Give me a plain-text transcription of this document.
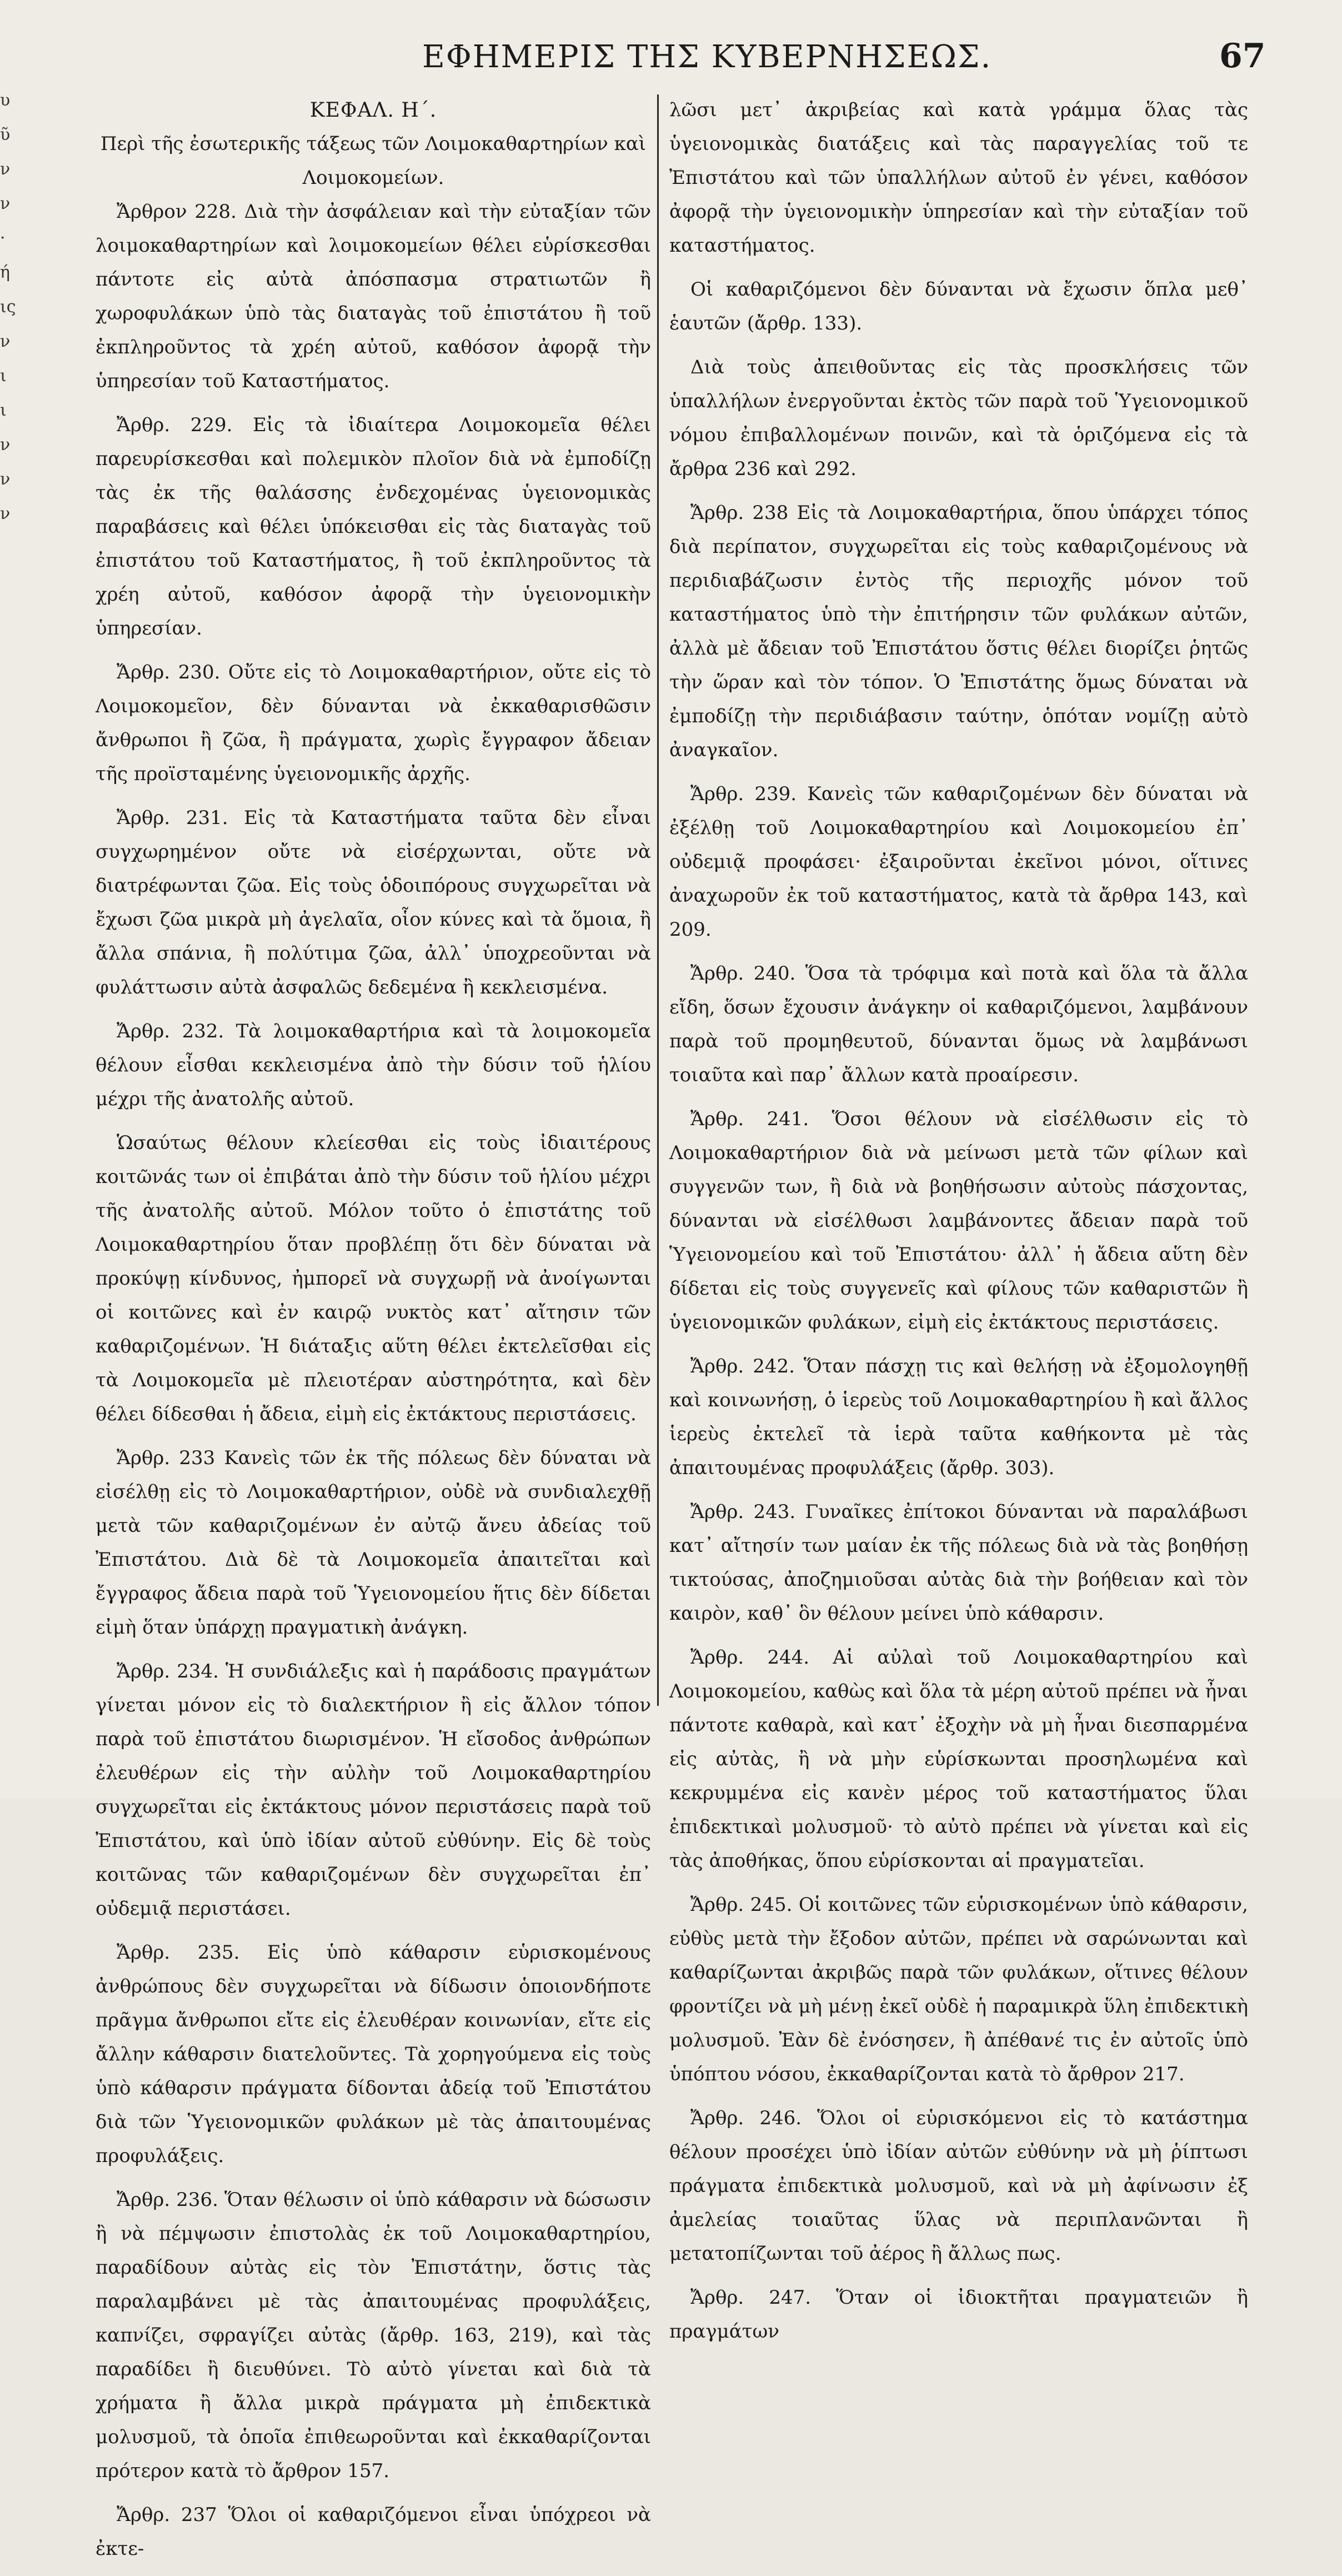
υ
ῦ
ν
ν
·
ή
ις
ν
ι
ι
ν
ν
ν
ΕΦΗΜΕΡΙΣ ΤΗΣ ΚΥΒΕΡΝΗΣΕΩΣ.	67

ΚΕΦΑΛ. Η΄.

Περὶ τῆς ἐσωτερικῆς τάξεως τῶν Λοιμοκαθαρτηρίων καὶ Λοιμοκομείων.

Ἄρθρον 228. Διὰ τὴν ἀσφάλειαν καὶ τὴν εὐταξίαν τῶν λοιμοκαθαρτηρίων καὶ λοιμοκομείων θέλει εὑρίσκεσθαι πάντοτε εἰς αὐτὰ ἀπόσπασμα στρατιωτῶν ἢ χωροφυλάκων ὑπὸ τὰς διαταγὰς τοῦ ἐπιστάτου ἢ τοῦ ἐκπληροῦντος τὰ χρέη αὐτοῦ, καθόσον ἀφορᾷ τὴν ὑπηρεσίαν τοῦ Καταστήματος.

Ἄρθρ. 229. Εἰς τὰ ἰδιαίτερα Λοιμοκομεῖα θέλει παρευρίσκεσθαι καὶ πολεμικὸν πλοῖον διὰ νὰ ἐμποδίζῃ τὰς ἐκ τῆς θαλάσσης ἐνδεχομένας ὑγειονομικὰς παραβάσεις καὶ θέλει ὑπόκεισθαι εἰς τὰς διαταγὰς τοῦ ἐπιστάτου τοῦ Καταστήματος, ἢ τοῦ ἐκπληροῦντος τὰ χρέη αὐτοῦ, καθόσον ἀφορᾷ τὴν ὑγειονομικὴν ὑπηρεσίαν.

Ἄρθρ. 230. Οὔτε εἰς τὸ Λοιμοκαθαρτήριον, οὔτε εἰς τὸ Λοιμοκομεῖον, δὲν δύνανται νὰ ἐκκαθαρισθῶσιν ἄνθρωποι ἢ ζῶα, ἢ πράγματα, χωρὶς ἔγγραφον ἄδειαν τῆς προϊσταμένης ὑγειονομικῆς ἀρχῆς.

Ἄρθρ. 231. Εἰς τὰ Καταστήματα ταῦτα δὲν εἶναι συγχωρημένον οὔτε νὰ εἰσέρχωνται, οὔτε νὰ διατρέφωνται ζῶα. Εἰς τοὺς ὁδοιπόρους συγχωρεῖται νὰ ἔχωσι ζῶα μικρὰ μὴ ἀγελαῖα, οἷον κύνες καὶ τὰ ὅμοια, ἢ ἄλλα σπάνια, ἢ πολύτιμα ζῶα, ἀλλ᾽ ὑποχρεοῦνται νὰ φυλάττωσιν αὐτὰ ἀσφαλῶς δεδεμένα ἢ κεκλεισμένα.

Ἄρθρ. 232. Τὰ λοιμοκαθαρτήρια καὶ τὰ λοιμοκομεῖα θέλουν εἶσθαι κεκλεισμένα ἀπὸ τὴν δύσιν τοῦ ἡλίου μέχρι τῆς ἀνατολῆς αὐτοῦ.

Ὡσαύτως θέλουν κλείεσθαι εἰς τοὺς ἰδιαιτέρους κοιτῶνάς των οἱ ἐπιβάται ἀπὸ τὴν δύσιν τοῦ ἡλίου μέχρι τῆς ἀνατολῆς αὐτοῦ. Μόλον τοῦτο ὁ ἐπιστάτης τοῦ Λοιμοκαθαρτηρίου ὅταν προβλέπῃ ὅτι δὲν δύναται νὰ προκύψῃ κίνδυνος, ἠμπορεῖ νὰ συγχωρῇ νὰ ἀνοίγωνται οἱ κοιτῶνες καὶ ἐν καιρῷ νυκτὸς κατ᾽ αἴτησιν τῶν καθαριζομένων. Ἡ διάταξις αὕτη θέλει ἐκτελεῖσθαι εἰς τὰ Λοιμοκομεῖα μὲ πλειοτέραν αὐστηρότητα, καὶ δὲν θέλει δίδεσθαι ἡ ἄδεια, εἰμὴ εἰς ἐκτάκτους περιστάσεις.

Ἄρθρ. 233 Κανεὶς τῶν ἐκ τῆς πόλεως δὲν δύναται νὰ εἰσέλθῃ εἰς τὸ Λοιμοκαθαρτήριον, οὐδὲ νὰ συνδιαλεχθῇ μετὰ τῶν καθαριζομένων ἐν αὐτῷ ἄνευ ἀδείας τοῦ Ἐπιστάτου. Διὰ δὲ τὰ Λοιμοκομεῖα ἀπαιτεῖται καὶ ἔγγραφος ἄδεια παρὰ τοῦ Ὑγειονομείου ἥτις δὲν δίδεται εἰμὴ ὅταν ὑπάρχῃ πραγματικὴ ἀνάγκη.

Ἄρθρ. 234. Ἡ συνδιάλεξις καὶ ἡ παράδοσις πραγμάτων γίνεται μόνον εἰς τὸ διαλεκτήριον ἢ εἰς ἄλλον τόπον παρὰ τοῦ ἐπιστάτου διωρισμένον. Ἡ εἴσοδος ἀνθρώπων ἐλευθέρων εἰς τὴν αὐλὴν τοῦ Λοιμοκαθαρτηρίου συγχωρεῖται εἰς ἐκτάκτους μόνον περιστάσεις παρὰ τοῦ Ἐπιστάτου, καὶ ὑπὸ ἰδίαν αὐτοῦ εὐθύνην. Εἰς δὲ τοὺς κοιτῶνας τῶν καθαριζομένων δὲν συγχωρεῖται ἐπ᾽ οὐδεμιᾷ περιστάσει.

Ἄρθρ. 235. Εἰς ὑπὸ κάθαρσιν εὑρισκομένους ἀνθρώπους δὲν συγχωρεῖται νὰ δίδωσιν ὁποιονδήποτε πρᾶγμα ἄνθρωποι εἴτε εἰς ἐλευθέραν κοινωνίαν, εἴτε εἰς ἄλλην κάθαρσιν διατελοῦντες. Τὰ χορηγούμενα εἰς τοὺς ὑπὸ κάθαρσιν πράγματα δίδονται ἀδείᾳ τοῦ Ἐπιστάτου διὰ τῶν Ὑγειονομικῶν φυλάκων μὲ τὰς ἀπαιτουμένας προφυλάξεις.

Ἄρθρ. 236. Ὅταν θέλωσιν οἱ ὑπὸ κάθαρσιν νὰ δώσωσιν ἢ νὰ πέμψωσιν ἐπιστολὰς ἐκ τοῦ Λοιμοκαθαρτηρίου, παραδίδουν αὐτὰς εἰς τὸν Ἐπιστάτην, ὅστις τὰς παραλαμβάνει μὲ τὰς ἀπαιτουμένας προφυλάξεις, καπνίζει, σφραγίζει αὐτὰς (ἄρθρ. 163, 219), καὶ τὰς παραδίδει ἢ διευθύνει. Τὸ αὐτὸ γίνεται καὶ διὰ τὰ χρήματα ἢ ἄλλα μικρὰ πράγματα μὴ ἐπιδεκτικὰ μολυσμοῦ, τὰ ὁποῖα ἐπιθεωροῦνται καὶ ἐκκαθαρίζονται πρότερον κατὰ τὸ ἄρθρον 157.

Ἄρθρ. 237 Ὅλοι οἱ καθαριζόμενοι εἶναι ὑπόχρεοι νὰ ἐκτε-

λῶσι μετ᾽ ἀκριβείας καὶ κατὰ γράμμα ὅλας τὰς ὑγειονομικὰς διατάξεις καὶ τὰς παραγγελίας τοῦ τε Ἐπιστάτου καὶ τῶν ὑπαλλήλων αὐτοῦ ἐν γένει, καθόσον ἀφορᾷ τὴν ὑγειονομικὴν ὑπηρεσίαν καὶ τὴν εὐταξίαν τοῦ καταστήματος.

Οἱ καθαριζόμενοι δὲν δύνανται νὰ ἔχωσιν ὅπλα μεθ᾽ ἑαυτῶν (ἄρθρ. 133).

Διὰ τοὺς ἀπειθοῦντας εἰς τὰς προσκλήσεις τῶν ὑπαλλήλων ἐνεργοῦνται ἐκτὸς τῶν παρὰ τοῦ Ὑγειονομικοῦ νόμου ἐπιβαλλομένων ποινῶν, καὶ τὰ ὁριζόμενα εἰς τὰ ἄρθρα 236 καὶ 292.

Ἄρθρ. 238 Εἰς τὰ Λοιμοκαθαρτήρια, ὅπου ὑπάρχει τόπος διὰ περίπατον, συγχωρεῖται εἰς τοὺς καθαριζομένους νὰ περιδιαβάζωσιν ἐντὸς τῆς περιοχῆς μόνον τοῦ καταστήματος ὑπὸ τὴν ἐπιτήρησιν τῶν φυλάκων αὐτῶν, ἀλλὰ μὲ ἄδειαν τοῦ Ἐπιστάτου ὅστις θέλει διορίζει ῥητῶς τὴν ὥραν καὶ τὸν τόπον. Ὁ Ἐπιστάτης ὅμως δύναται νὰ ἐμποδίζῃ τὴν περιδιάβασιν ταύτην, ὁπόταν νομίζῃ αὐτὸ ἀναγκαῖον.

Ἄρθρ. 239. Κανεὶς τῶν καθαριζομένων δὲν δύναται νὰ ἐξέλθῃ τοῦ Λοιμοκαθαρτηρίου καὶ Λοιμοκομείου ἐπ᾽ οὐδεμιᾷ προφάσει· ἐξαιροῦνται ἐκεῖνοι μόνοι, οἵτινες ἀναχωροῦν ἐκ τοῦ καταστήματος, κατὰ τὰ ἄρθρα 143, καὶ 209.

Ἄρθρ. 240. Ὅσα τὰ τρόφιμα καὶ ποτὰ καὶ ὅλα τὰ ἄλλα εἴδη, ὅσων ἔχουσιν ἀνάγκην οἱ καθαριζόμενοι, λαμβάνουν παρὰ τοῦ προμηθευτοῦ, δύνανται ὅμως νὰ λαμβάνωσι τοιαῦτα καὶ παρ᾽ ἄλλων κατὰ προαίρεσιν.

Ἄρθρ. 241. Ὅσοι θέλουν νὰ εἰσέλθωσιν εἰς τὸ Λοιμοκαθαρτήριον διὰ νὰ μείνωσι μετὰ τῶν φίλων καὶ συγγενῶν των, ἢ διὰ νὰ βοηθήσωσιν αὐτοὺς πάσχοντας, δύνανται νὰ εἰσέλθωσι λαμβάνοντες ἄδειαν παρὰ τοῦ Ὑγειονομείου καὶ τοῦ Ἐπιστάτου· ἀλλ᾽ ἡ ἄδεια αὕτη δὲν δίδεται εἰς τοὺς συγγενεῖς καὶ φίλους τῶν καθαριστῶν ἢ ὑγειονομικῶν φυλάκων, εἰμὴ εἰς ἐκτάκτους περιστάσεις.

Ἄρθρ. 242. Ὅταν πάσχῃ τις καὶ θελήσῃ νὰ ἐξομολογηθῇ καὶ κοινωνήσῃ, ὁ ἱερεὺς τοῦ Λοιμοκαθαρτηρίου ἢ καὶ ἄλλος ἱερεὺς ἐκτελεῖ τὰ ἱερὰ ταῦτα καθήκοντα μὲ τὰς ἀπαιτουμένας προφυλάξεις (ἄρθρ. 303).

Ἄρθρ. 243. Γυναῖκες ἐπίτοκοι δύνανται νὰ παραλάβωσι κατ᾽ αἴτησίν των μαίαν ἐκ τῆς πόλεως διὰ νὰ τὰς βοηθήσῃ τικτούσας, ἀποζημιοῦσαι αὐτὰς διὰ τὴν βοήθειαν καὶ τὸν καιρὸν, καθ᾽ ὃν θέλουν μείνει ὑπὸ κάθαρσιν.

Ἄρθρ. 244. Αἱ αὐλαὶ τοῦ Λοιμοκαθαρτηρίου καὶ Λοιμοκομείου, καθὼς καὶ ὅλα τὰ μέρη αὐτοῦ πρέπει νὰ ἦναι πάντοτε καθαρὰ, καὶ κατ᾽ ἐξοχὴν νὰ μὴ ἦναι διεσπαρμένα εἰς αὐτὰς, ἢ νὰ μὴν εὑρίσκωνται προσηλωμένα καὶ κεκρυμμένα εἰς κανὲν μέρος τοῦ καταστήματος ὕλαι ἐπιδεκτικαὶ μολυσμοῦ· τὸ αὐτὸ πρέπει νὰ γίνεται καὶ εἰς τὰς ἀποθήκας, ὅπου εὑρίσκονται αἱ πραγματεῖαι.

Ἄρθρ. 245. Οἱ κοιτῶνες τῶν εὑρισκομένων ὑπὸ κάθαρσιν, εὐθὺς μετὰ τὴν ἔξοδον αὐτῶν, πρέπει νὰ σαρώνωνται καὶ καθαρίζωνται ἀκριβῶς παρὰ τῶν φυλάκων, οἵτινες θέλουν φροντίζει νὰ μὴ μένῃ ἐκεῖ οὐδὲ ἡ παραμικρὰ ὕλη ἐπιδεκτικὴ μολυσμοῦ. Ἐὰν δὲ ἐνόσησεν, ἢ ἀπέθανέ τις ἐν αὐτοῖς ὑπὸ ὑπόπτου νόσου, ἐκκαθαρίζονται κατὰ τὸ ἄρθρον 217.

Ἄρθρ. 246. Ὅλοι οἱ εὑρισκόμενοι εἰς τὸ κατάστημα θέλουν προσέχει ὑπὸ ἰδίαν αὐτῶν εὐθύνην νὰ μὴ ῥίπτωσι πράγματα ἐπιδεκτικὰ μολυσμοῦ, καὶ νὰ μὴ ἀφίνωσιν ἐξ ἀμελείας τοιαῦτας ὕλας νὰ περιπλανῶνται ἢ μετατοπίζωνται τοῦ ἀέρος ἢ ἄλλως πως.

Ἄρθρ. 247. Ὅταν οἱ ἰδιοκτῆται πραγματειῶν ἢ πραγμάτων
